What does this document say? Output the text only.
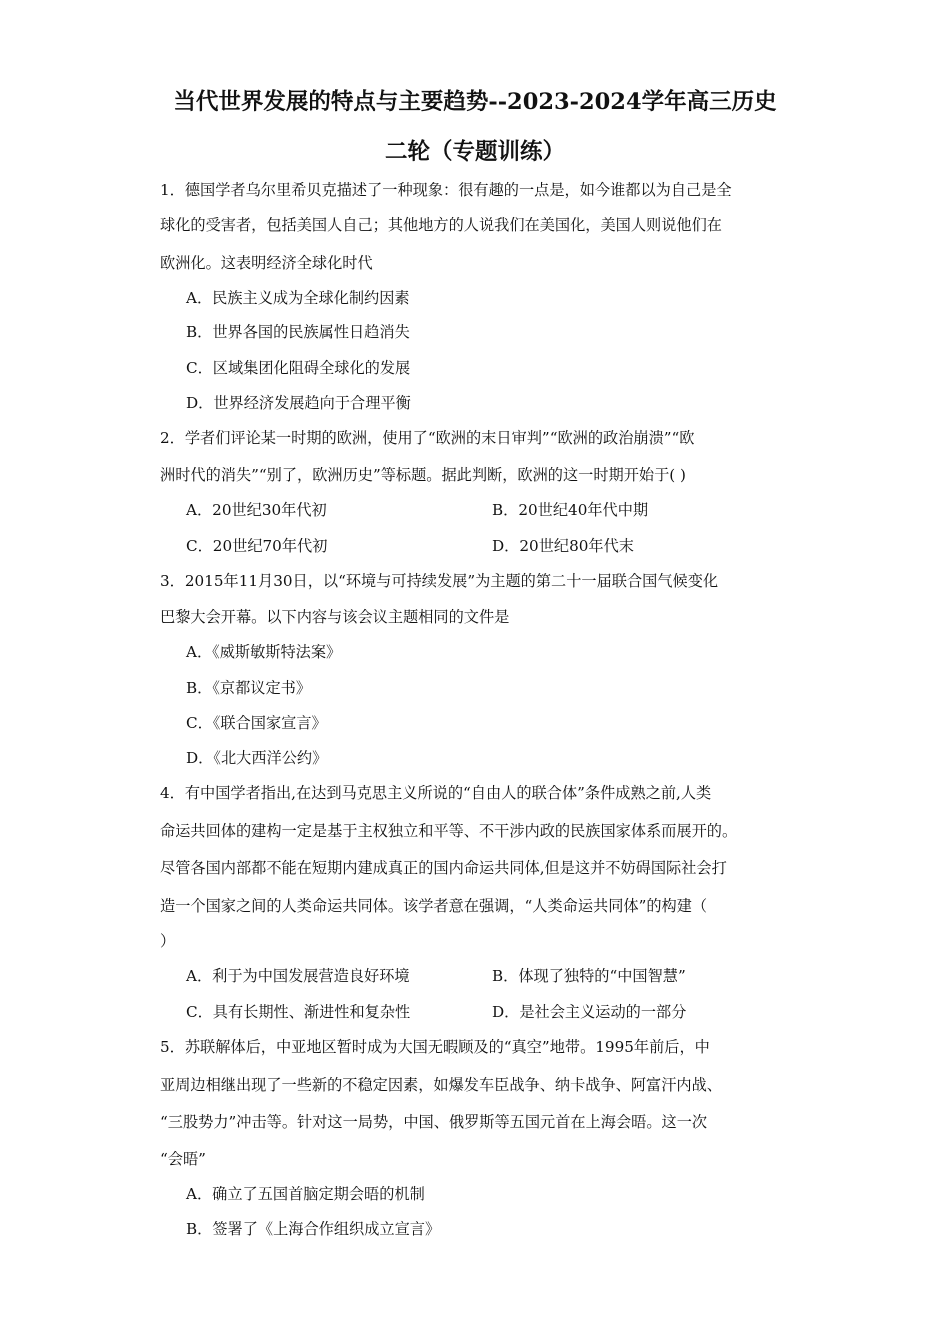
当代世界发展的特点与主要趋势--2023-2024学年高三历史
二轮（专题训练）
1．德国学者乌尔里希贝克描述了一种现象：很有趣的一点是，如今谁都以为自己是全
球化的受害者，包括美国人自己；其他地方的人说我们在美国化，美国人则说他们在
欧洲化。这表明经济全球化时代
A．民族主义成为全球化制约因素
B．世界各国的民族属性日趋消失
C．区域集团化阻碍全球化的发展
D．世界经济发展趋向于合理平衡
2．学者们评论某一时期的欧洲，使用了“欧洲的末日审判”“欧洲的政治崩溃”“欧
洲时代的消失”“别了，欧洲历史”等标题。据此判断，欧洲的这一时期开始于( )
A．20世纪30年代初	B．20世纪40年代中期
C．20世纪70年代初	D．20世纪80年代末
3．2015年11月30日，以“环境与可持续发展”为主题的第二十一届联合国气候变化
巴黎大会开幕。以下内容与该会议主题相同的文件是
A．《威斯敏斯特法案》
B．《京都议定书》
C．《联合国家宣言》
D．《北大西洋公约》
4．有中国学者指出,在达到马克思主义所说的“自由人的联合体”条件成熟之前,人类
命运共回体的建构一定是基于主权独立和平等、不干涉内政的民族国家体系而展开的。
尽管各国内部都不能在短期内建成真正的国内命运共同体,但是这并不妨碍国际社会打
造一个国家之间的人类命运共同体。该学者意在强调，“人类命运共同体”的构建（
）
A．利于为中国发展营造良好环境	B．体现了独特的“中国智慧”
C．具有长期性、渐进性和复杂性	D．是社会主义运动的一部分
5．苏联解体后，中亚地区暂时成为大国无暇顾及的“真空”地带。1995年前后，中
亚周边相继出现了一些新的不稳定因素，如爆发车臣战争、纳卡战争、阿富汗内战、
“三股势力”冲击等。针对这一局势，中国、俄罗斯等五国元首在上海会晤。这一次
“会晤”
A．确立了五国首脑定期会晤的机制
B．签署了《上海合作组织成立宣言》
